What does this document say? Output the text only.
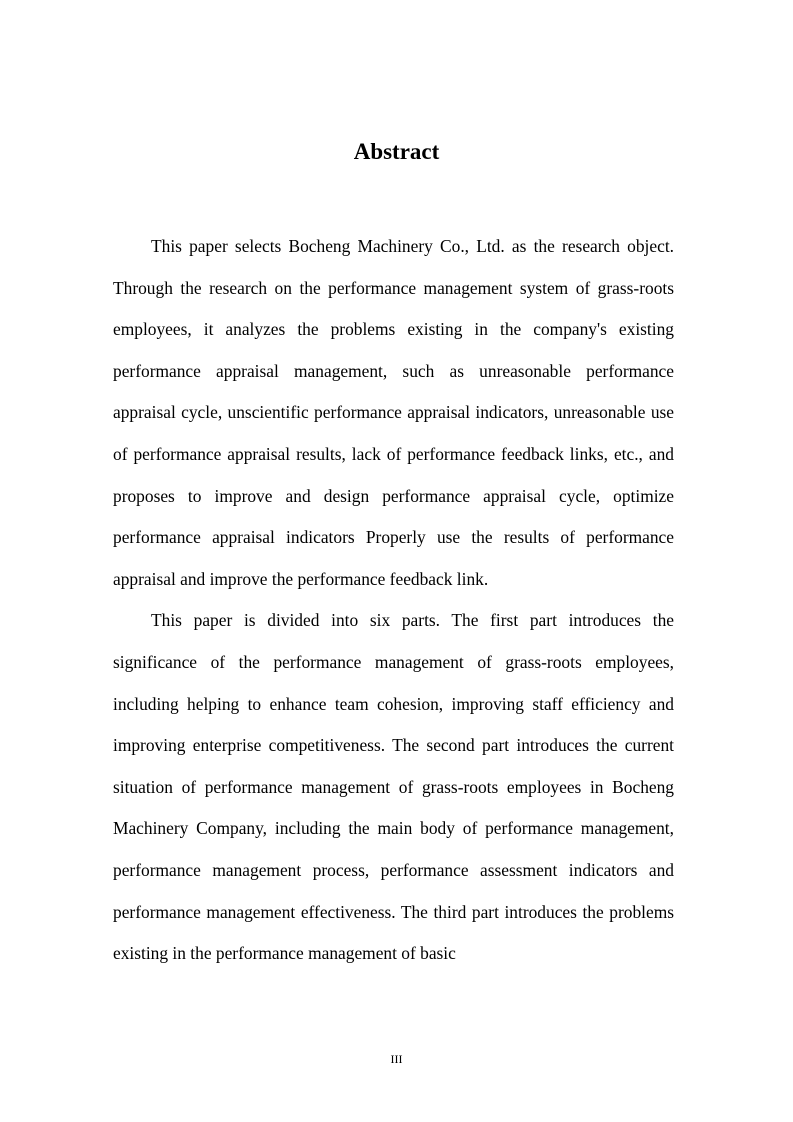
Abstract

This paper selects Bocheng Machinery Co., Ltd. as the research object. Through the research on the performance management system of grass-roots employees, it analyzes the problems existing in the company's existing performance appraisal management, such as unreasonable performance appraisal cycle, unscientific performance appraisal indicators, unreasonable use of performance appraisal results, lack of performance feedback links, etc., and proposes to improve and design performance appraisal cycle, optimize performance appraisal indicators Properly use the results of performance appraisal and improve the performance feedback link.

This paper is divided into six parts. The first part introduces the significance of the performance management of grass-roots employees, including helping to enhance team cohesion, improving staff efficiency and improving enterprise competitiveness. The second part introduces the current situation of performance management of grass-roots employees in Bocheng Machinery Company, including the main body of performance management, performance management process, performance assessment indicators and performance management effectiveness. The third part introduces the problems existing in the performance management of basic

III
